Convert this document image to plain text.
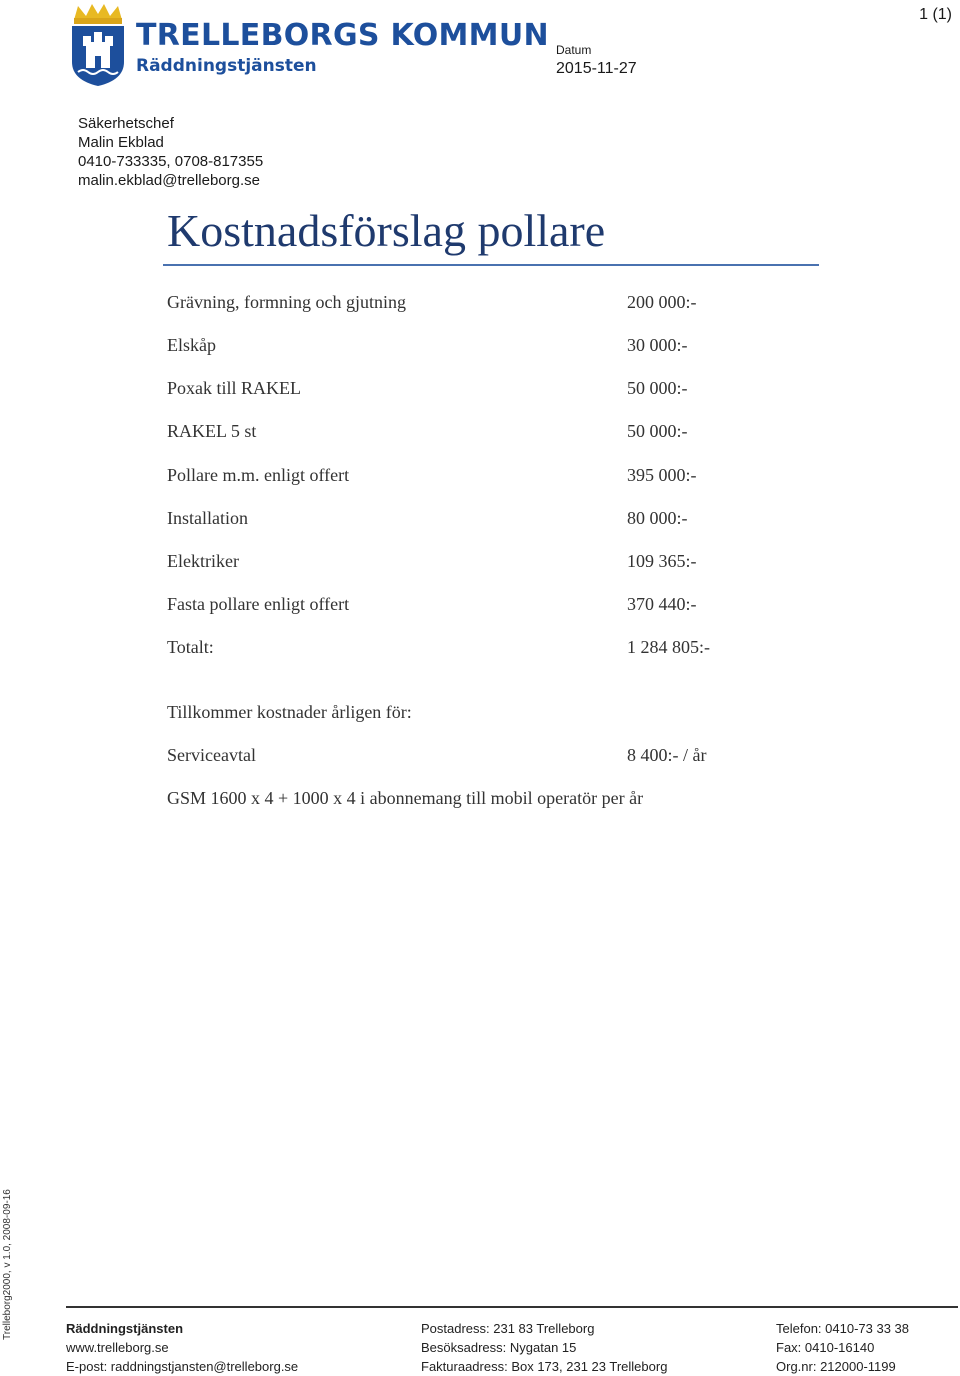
1 (1)
TRELLEBORGS KOMMUN
Räddningstjänsten
Datum
2015-11-27
Säkerhetschef
Malin Ekblad
0410-733335, 0708-817355
malin.ekblad@trelleborg.se
Kostnadsförslag pollare
Grävning, formning och gjutning	200 000:-
Elskåp	30 000:-
Poxak till RAKEL	50 000:-
RAKEL 5 st	50 000:-
Pollare m.m. enligt offert	395 000:-
Installation	80 000:-
Elektriker	109 365:-
Fasta pollare enligt offert	370 440:-
Totalt:	1 284 805:-
Tillkommer kostnader årligen för:
Serviceavtal	8 400:- / år
GSM 1600 x 4 + 1000 x 4 i abonnemang till mobil operatör per år
Trelleborg2000, v 1.0, 2008-09-16	Räddningstjänsten
www.trelleborg.se
E-post: raddningstjansten@trelleborg.se
Postadress: 231 83 Trelleborg
Besöksadress: Nygatan 15
Fakturaadress: Box 173, 231 23 Trelleborg
Telefon: 0410-73 33 38
Fax: 0410-16140
Org.nr: 212000-1199
